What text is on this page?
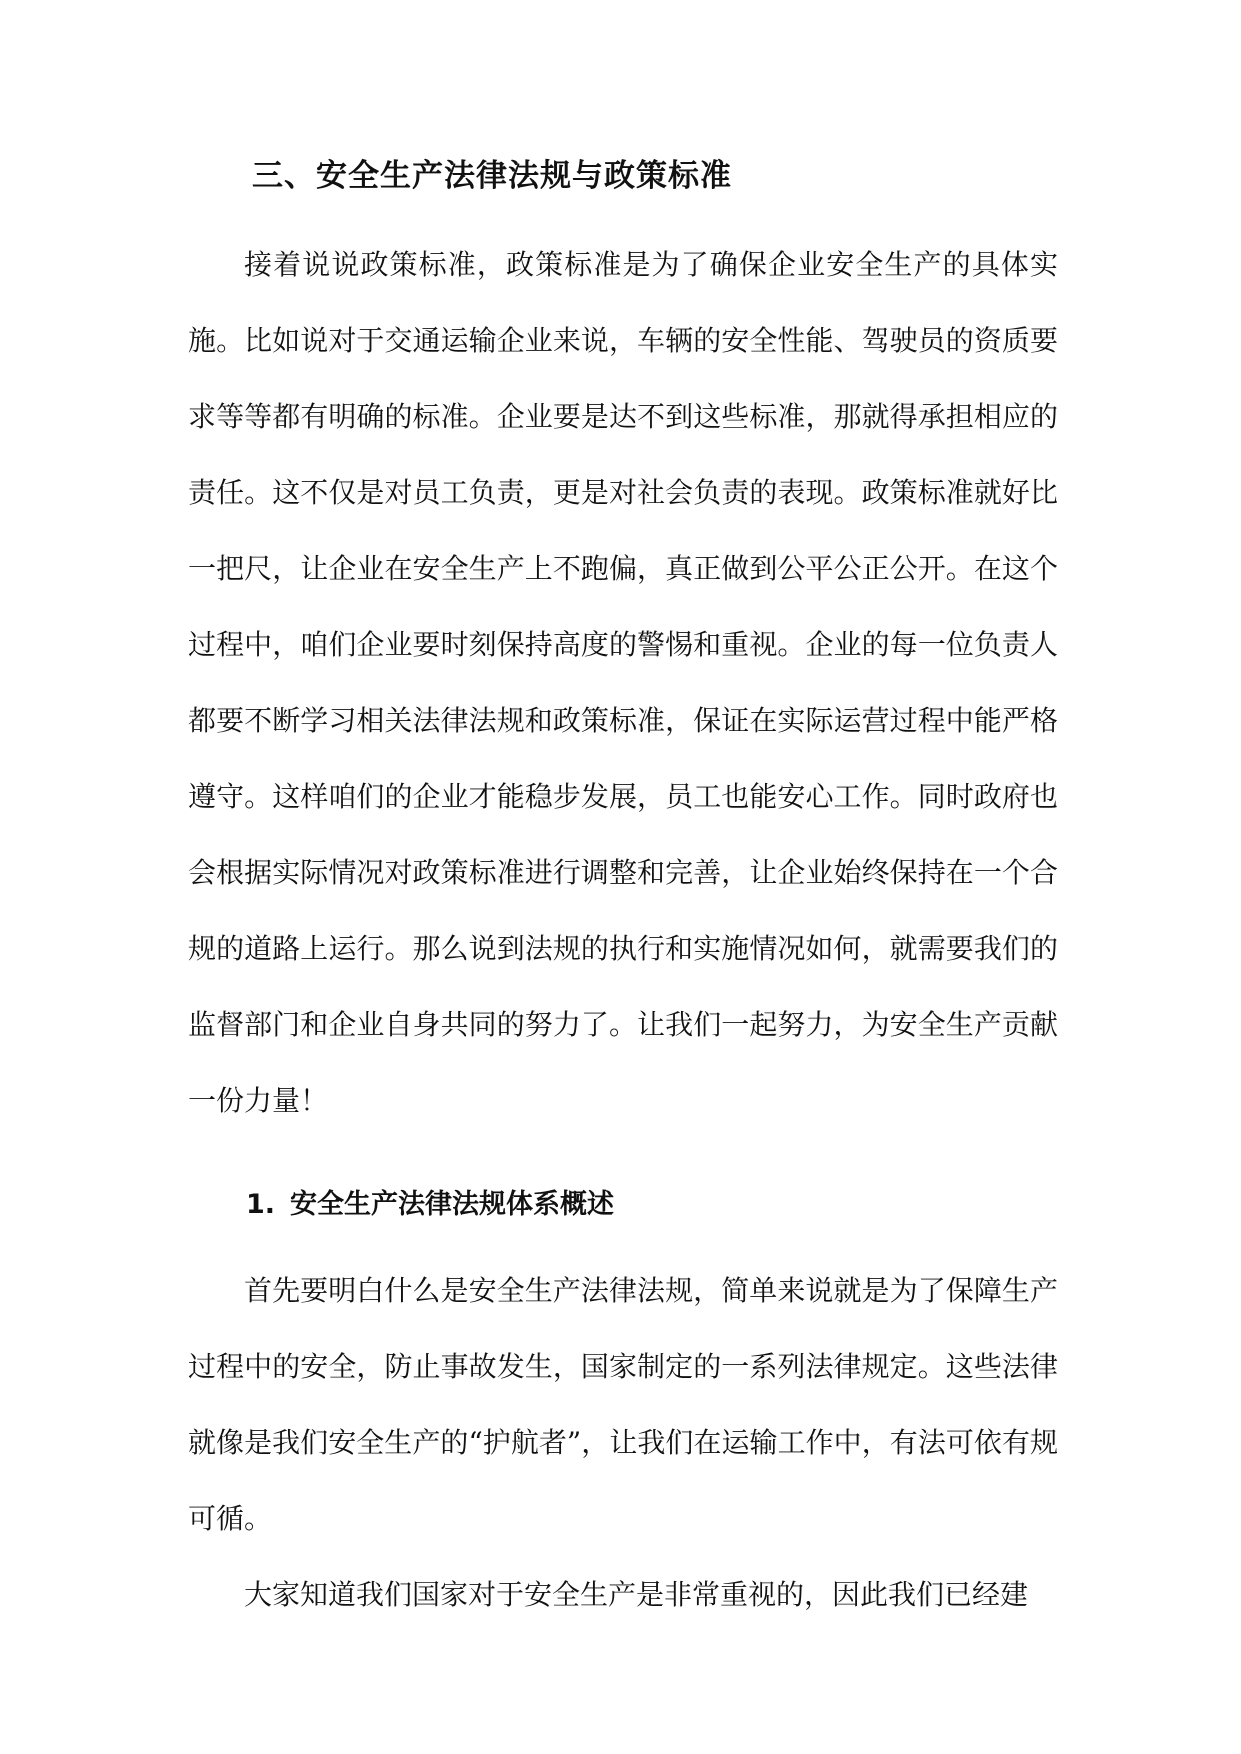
三、安全生产法律法规与政策标准

接着说说政策标准，政策标准是为了确保企业安全生产的具体实施。比如说对于交通运输企业来说，车辆的安全性能、驾驶员的资质要求等等都有明确的标准。企业要是达不到这些标准，那就得承担相应的责任。这不仅是对员工负责，更是对社会负责的表现。政策标准就好比一把尺，让企业在安全生产上不跑偏，真正做到公平公正公开。在这个过程中，咱们企业要时刻保持高度的警惕和重视。企业的每一位负责人都要不断学习相关法律法规和政策标准，保证在实际运营过程中能严格遵守。这样咱们的企业才能稳步发展，员工也能安心工作。同时政府也会根据实际情况对政策标准进行调整和完善，让企业始终保持在一个合规的道路上运行。那么说到法规的执行和实施情况如何，就需要我们的监督部门和企业自身共同的努力了。让我们一起努力，为安全生产贡献一份力量！

1. 安全生产法律法规体系概述

首先要明白什么是安全生产法律法规，简单来说就是为了保障生产过程中的安全，防止事故发生，国家制定的一系列法律规定。这些法律就像是我们安全生产的“护航者”，让我们在运输工作中，有法可依有规可循。

大家知道我们国家对于安全生产是非常重视的，因此我们已经建
